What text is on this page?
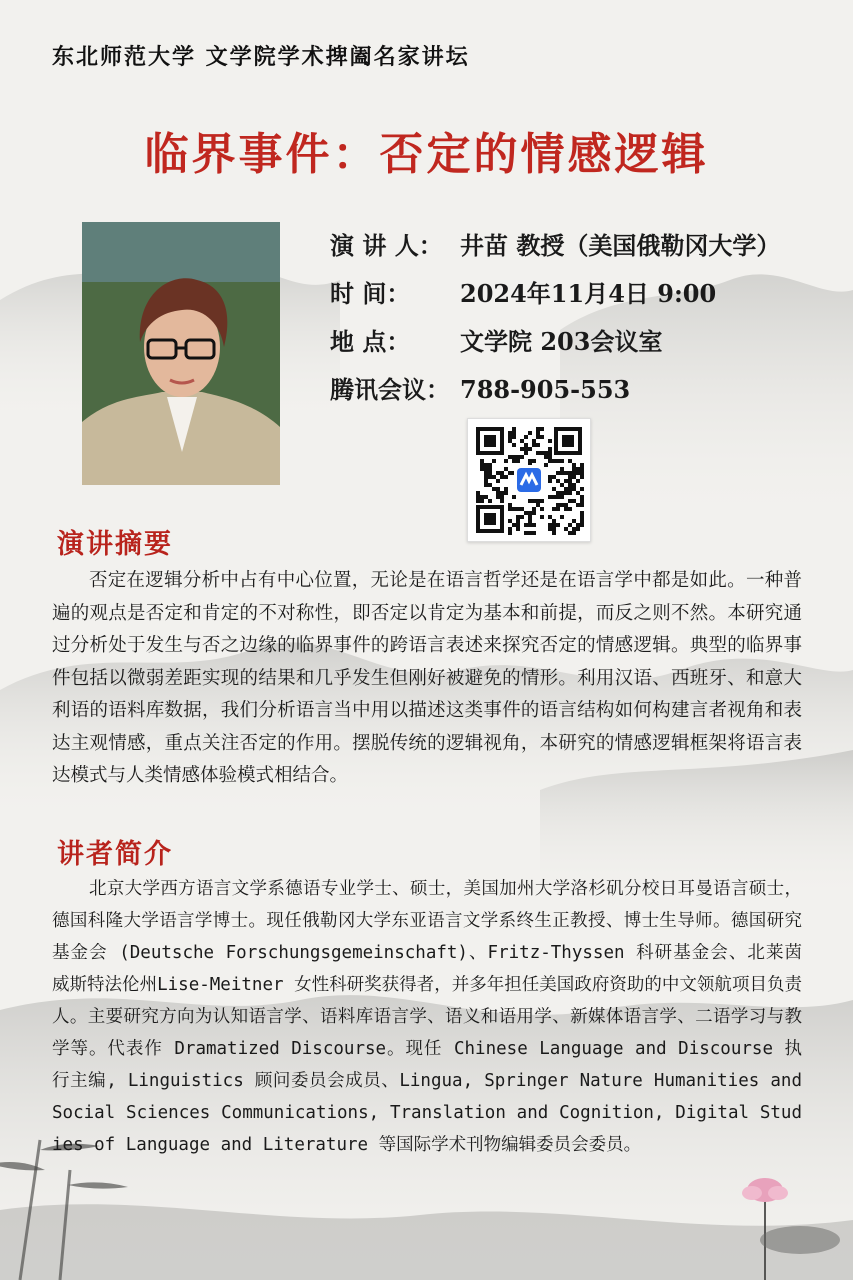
东北师范大学 文学院学术捭阖名家讲坛
临界事件：否定的情感逻辑
演 讲 人： 井苗 教授（美国俄勒冈大学）
时 间： 2024年11月4日 9:00
地 点： 文学院 203会议室
腾讯会议： 788-905-553
演讲摘要
否定在逻辑分析中占有中心位置，无论是在语言哲学还是在语言学中都是如此。一种普遍的观点是否定和肯定的不对称性，即否定以肯定为基本和前提，而反之则不然。本研究通过分析处于发生与否之边缘的临界事件的跨语言表述来探究否定的情感逻辑。典型的临界事件包括以微弱差距实现的结果和几乎发生但刚好被避免的情形。利用汉语、西班牙、和意大利语的语料库数据，我们分析语言当中用以描述这类事件的语言结构如何构建言者视角和表达主观情感，重点关注否定的作用。摆脱传统的逻辑视角，本研究的情感逻辑框架将语言表达模式与人类情感体验模式相结合。
讲者简介
北京大学西方语言文学系德语专业学士、硕士，美国加州大学洛杉矶分校日耳曼语言硕士，德国科隆大学语言学博士。现任俄勒冈大学东亚语言文学系终生正教授、博士生导师。德国研究基金会 (Deutsche Forschungsgemeinschaft)、Fritz-Thyssen 科研基金会、北莱茵威斯特法伦州Lise-Meitner 女性科研奖获得者，并多年担任美国政府资助的中文领航项目负责人。主要研究方向为认知语言学、语料库语言学、语义和语用学、新媒体语言学、二语学习与教学等。代表作 Dramatized Discourse。现任 Chinese Language and Discourse 执行主编, Linguistics 顾问委员会成员、Lingua, Springer Nature Humanities and Social Sciences Communications, Translation and Cognition, Digital Studies of Language and Literature 等国际学术刊物编辑委员会委员。
